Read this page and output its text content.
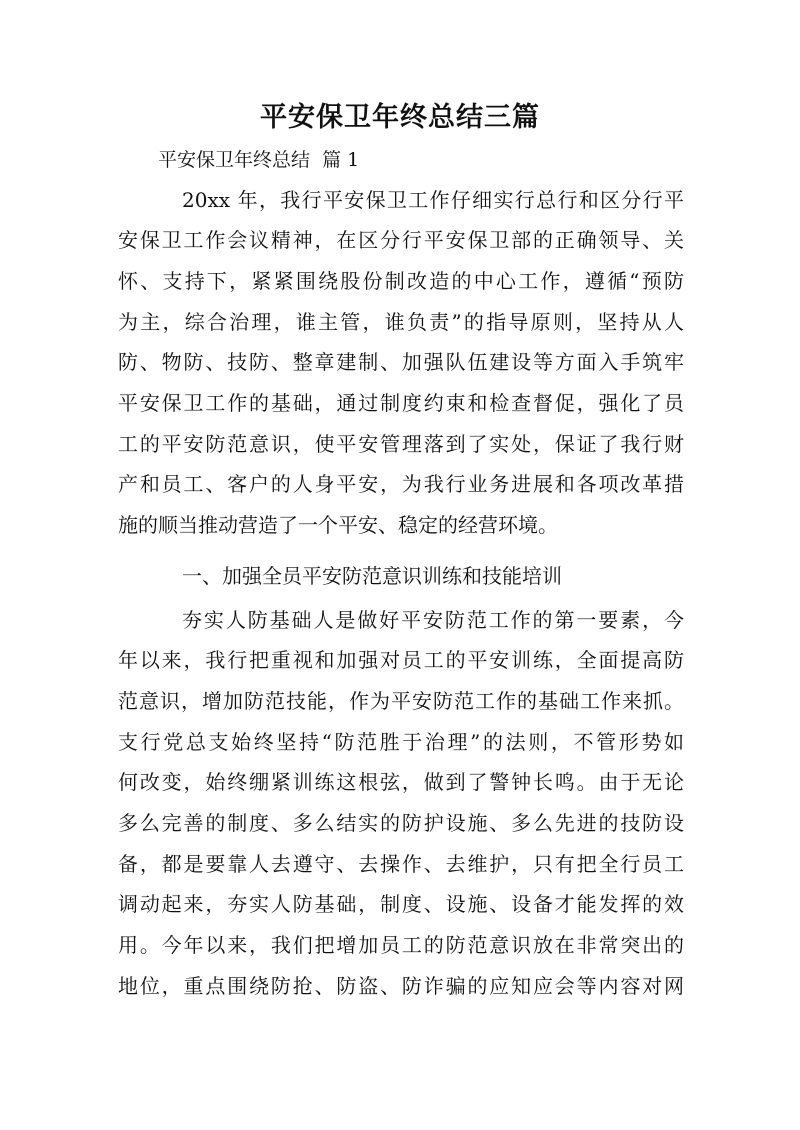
平安保卫年终总结三篇
平安保卫年终总结  篇 1
20xx 年，我行平安保卫工作仔细实行总行和区分行平
安保卫工作会议精神，在区分行平安保卫部的正确领导、关
怀、支持下，紧紧围绕股份制改造的中心工作，遵循“预防
为主，综合治理，谁主管，谁负责”的指导原则，坚持从人
防、物防、技防、整章建制、加强队伍建设等方面入手筑牢
平安保卫工作的基础，通过制度约束和检查督促，强化了员
工的平安防范意识，使平安管理落到了实处，保证了我行财
产和员工、客户的人身平安，为我行业务进展和各项改革措
施的顺当推动营造了一个平安、稳定的经营环境。
一、加强全员平安防范意识训练和技能培训
夯实人防基础人是做好平安防范工作的第一要素，今
年以来，我行把重视和加强对员工的平安训练，全面提高防
范意识，增加防范技能，作为平安防范工作的基础工作来抓。
支行党总支始终坚持“防范胜于治理”的法则，不管形势如
何改变，始终绷紧训练这根弦，做到了警钟长鸣。由于无论
多么完善的制度、多么结实的防护设施、多么先进的技防设
备，都是要靠人去遵守、去操作、去维护，只有把全行员工
调动起来，夯实人防基础，制度、设施、设备才能发挥的效
用。今年以来，我们把增加员工的防范意识放在非常突出的
地位，重点围绕防抢、防盗、防诈骗的应知应会等内容对网
